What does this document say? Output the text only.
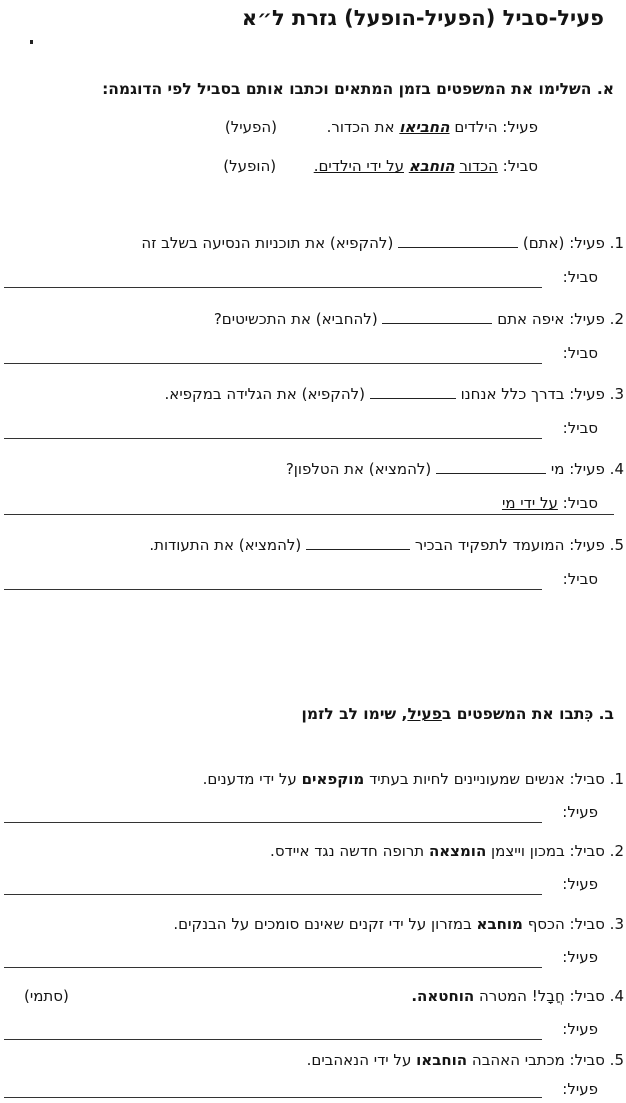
פעיל-סביל (הפעיל-הופעל) גזרת ל״א
א. השלימו את המשפטים בזמן המתאים וכתבו אותם בסביל לפי הדוגמה:
פעיל: הילדים החביאו את הכדור.  (הפעיל)
סביל: הכדור הוחבא על ידי הילדים.  (הופעל)
1. פעיל: (אתם)  (להקפיא) את תוכניות הנסיעה בשלב זה
סביל:
2. פעיל: איפה אתם  (להחביא) את התכשיטים?
סביל:
3. פעיל: בדרך כלל אנחנו  (להקפיא) את הגלידה במקפיא.
סביל:
4. פעיל: מי  (להמציא) את הטלפון?
סביל: על ידי מי
5. פעיל: המועמד לתפקיד הבכיר  (להמציא) את התעודות.
סביל:
ב. כִּתבו את המשפטים בפעיל, שימו לב לזמן
1. סביל: אנשים שמעוניינים לחיות בעתיד מוקפאים על ידי מדענים.
פעיל:
2. סביל: במכון וייצמן הומצאה תרופה חדשה נגד איידס.
פעיל:
3. סביל: הכסף מוחבא במזרון על ידי זקנים שאינם סומכים על הבנקים.
פעיל:
4. סביל: חֲבָל! המטרה הוחטאה.
(סתמי)
פעיל:
5. סביל: מכתבי האהבה הוחבאו על ידי הנאהבים.
פעיל:
